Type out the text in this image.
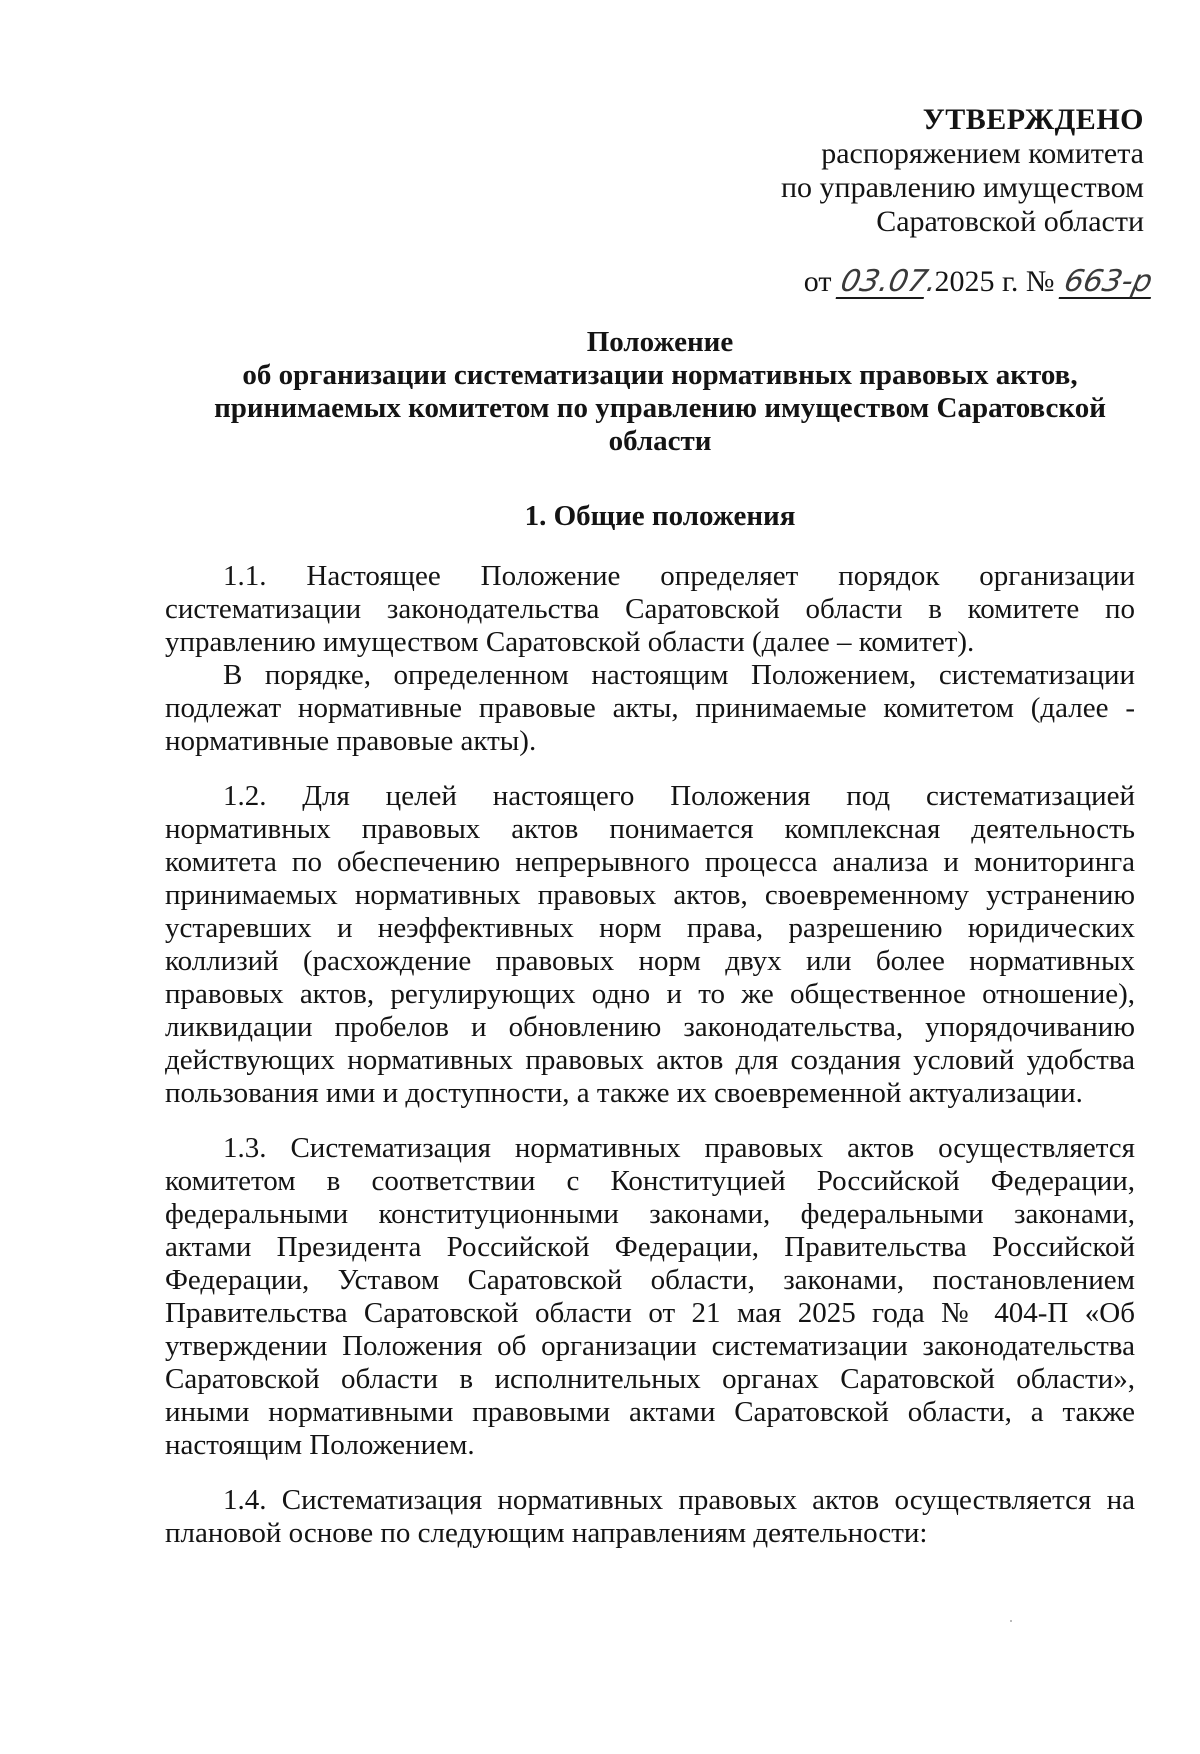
УТВЕРЖДЕНО
распоряжением комитета
по управлению имуществом
Саратовской области
от 03.07. 2025 г. № 663-р
Положение
об организации систематизации нормативных правовых актов,
принимаемых комитетом по управлению имуществом Саратовской
области
1. Общие положения

1.1. Настоящее Положение определяет порядок организации систематизации законодательства Саратовской области в комитете по управлению имуществом Саратовской области (далее – комитет).

В порядке, определенном настоящим Положением, систематизации подлежат нормативные правовые акты, принимаемые комитетом (далее - нормативные правовые акты).

1.2. Для целей настоящего Положения под систематизацией нормативных правовых актов понимается комплексная деятельность комитета по обеспечению непрерывного процесса анализа и мониторинга принимаемых нормативных правовых актов, своевременному устранению устаревших и неэффективных норм права, разрешению юридических коллизий (расхождение правовых норм двух или более нормативных правовых актов, регулирующих одно и то же общественное отношение), ликвидации пробелов и обновлению законодательства, упорядочиванию действующих нормативных правовых актов для создания условий удобства пользования ими и доступности, а также их своевременной актуализации.

1.3. Систематизация нормативных правовых актов осуществляется комитетом в соответствии с Конституцией Российской Федерации, федеральными конституционными законами, федеральными законами, актами Президента Российской Федерации, Правительства Российской Федерации, Уставом Саратовской области, законами, постановлением Правительства Саратовской области от 21 мая 2025 года № 404-П «Об утверждении Положения об организации систематизации законодательства Саратовской области в исполнительных органах Саратовской области», иными нормативными правовыми актами Саратовской области, а также настоящим Положением.

1.4. Систематизация нормативных правовых актов осуществляется на плановой основе по следующим направлениям деятельности:
